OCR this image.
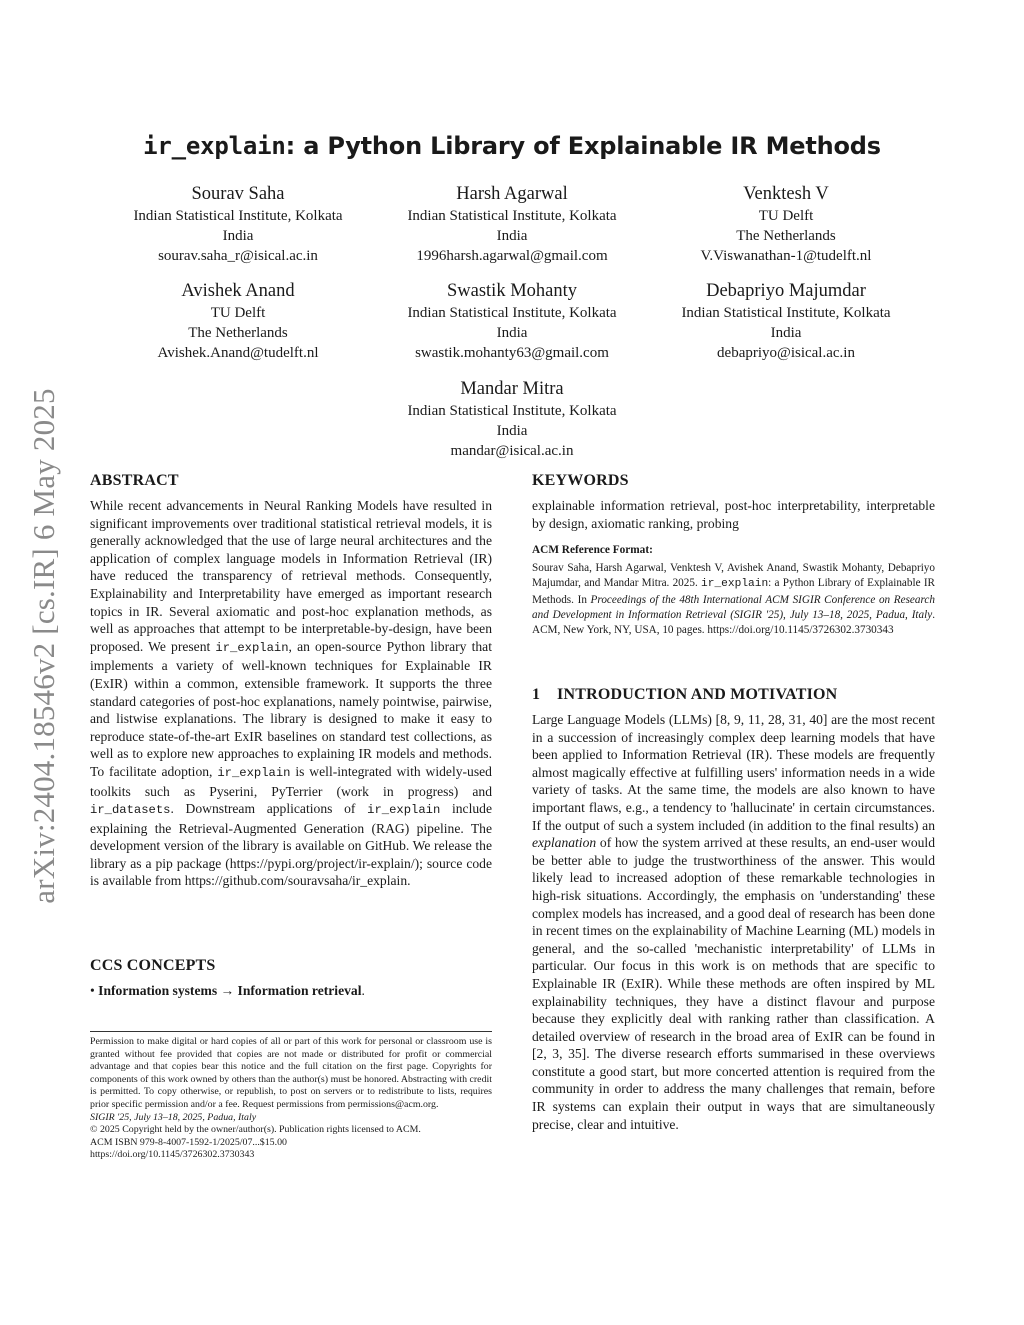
arXiv:2404.18546v2 [cs.IR] 6 May 2025
ir_explain: a Python Library of Explainable IR Methods
Sourav Saha
Indian Statistical Institute, Kolkata
India
sourav.saha_r@isical.ac.in
Harsh Agarwal
Indian Statistical Institute, Kolkata
India
1996harsh.agarwal@gmail.com
Venktesh V
TU Delft
The Netherlands
V.Viswanathan-1@tudelft.nl
Avishek Anand
TU Delft
The Netherlands
Avishek.Anand@tudelft.nl
Swastik Mohanty
Indian Statistical Institute, Kolkata
India
swastik.mohanty63@gmail.com
Debapriyo Majumdar
Indian Statistical Institute, Kolkata
India
debapriyo@isical.ac.in
Mandar Mitra
Indian Statistical Institute, Kolkata
India
mandar@isical.ac.in
ABSTRACT
While recent advancements in Neural Ranking Models have resulted in significant improvements over traditional statistical retrieval models, it is generally acknowledged that the use of large neural architectures and the application of complex language models in Information Retrieval (IR) have reduced the transparency of retrieval methods. Consequently, Explainability and Interpretability have emerged as important research topics in IR. Several axiomatic and post-hoc explanation methods, as well as approaches that attempt to be interpretable-by-design, have been proposed. We present ir_explain, an open-source Python library that implements a variety of well-known techniques for Explainable IR (ExIR) within a common, extensible framework. It supports the three standard categories of post-hoc explanations, namely pointwise, pairwise, and listwise explanations. The library is designed to make it easy to reproduce state-of-the-art ExIR baselines on standard test collections, as well as to explore new approaches to explaining IR models and methods. To facilitate adoption, ir_explain is well-integrated with widely-used toolkits such as Pyserini, PyTerrier (work in progress) and ir_datasets. Downstream applications of ir_explain include explaining the Retrieval-Augmented Generation (RAG) pipeline. The development version of the library is available on GitHub. We release the library as a pip package (https://pypi.org/project/ir-explain/); source code is available from https://github.com/souravsaha/ir_explain.
CCS CONCEPTS
• Information systems → Information retrieval.
Permission to make digital or hard copies of all or part of this work for personal or classroom use is granted without fee provided that copies are not made or distributed for profit or commercial advantage and that copies bear this notice and the full citation on the first page. Copyrights for components of this work owned by others than the author(s) must be honored. Abstracting with credit is permitted. To copy otherwise, or republish, to post on servers or to redistribute to lists, requires prior specific permission and/or a fee. Request permissions from permissions@acm.org.
SIGIR '25, July 13–18, 2025, Padua, Italy
© 2025 Copyright held by the owner/author(s). Publication rights licensed to ACM.
ACM ISBN 979-8-4007-1592-1/2025/07...$15.00
https://doi.org/10.1145/3726302.3730343
KEYWORDS
explainable information retrieval, post-hoc interpretability, interpretable by design, axiomatic ranking, probing
ACM Reference Format:
Sourav Saha, Harsh Agarwal, Venktesh V, Avishek Anand, Swastik Mohanty, Debapriyo Majumdar, and Mandar Mitra. 2025. ir_explain: a Python Library of Explainable IR Methods. In Proceedings of the 48th International ACM SIGIR Conference on Research and Development in Information Retrieval (SIGIR '25), July 13–18, 2025, Padua, Italy. ACM, New York, NY, USA, 10 pages. https://doi.org/10.1145/3726302.3730343
1 INTRODUCTION AND MOTIVATION
Large Language Models (LLMs) [8, 9, 11, 28, 31, 40] are the most recent in a succession of increasingly complex deep learning models that have been applied to Information Retrieval (IR). These models are frequently almost magically effective at fulfilling users' information needs in a wide variety of tasks. At the same time, the models are also known to have important flaws, e.g., a tendency to 'hallucinate' in certain circumstances. If the output of such a system included (in addition to the final results) an explanation of how the system arrived at these results, an end-user would be better able to judge the trustworthiness of the answer. This would likely lead to increased adoption of these remarkable technologies in high-risk situations. Accordingly, the emphasis on 'understanding' these complex models has increased, and a good deal of research has been done in recent times on the explainability of Machine Learning (ML) models in general, and the so-called 'mechanistic interpretability' of LLMs in particular. Our focus in this work is on methods that are specific to Explainable IR (ExIR). While these methods are often inspired by ML explainability techniques, they have a distinct flavour and purpose because they explicitly deal with ranking rather than classification. A detailed overview of research in the broad area of ExIR can be found in [2, 3, 35]. The diverse research efforts summarised in these overviews constitute a good start, but more concerted attention is required from the community in order to address the many challenges that remain, before IR systems can explain their output in ways that are simultaneously precise, clear and intuitive.
